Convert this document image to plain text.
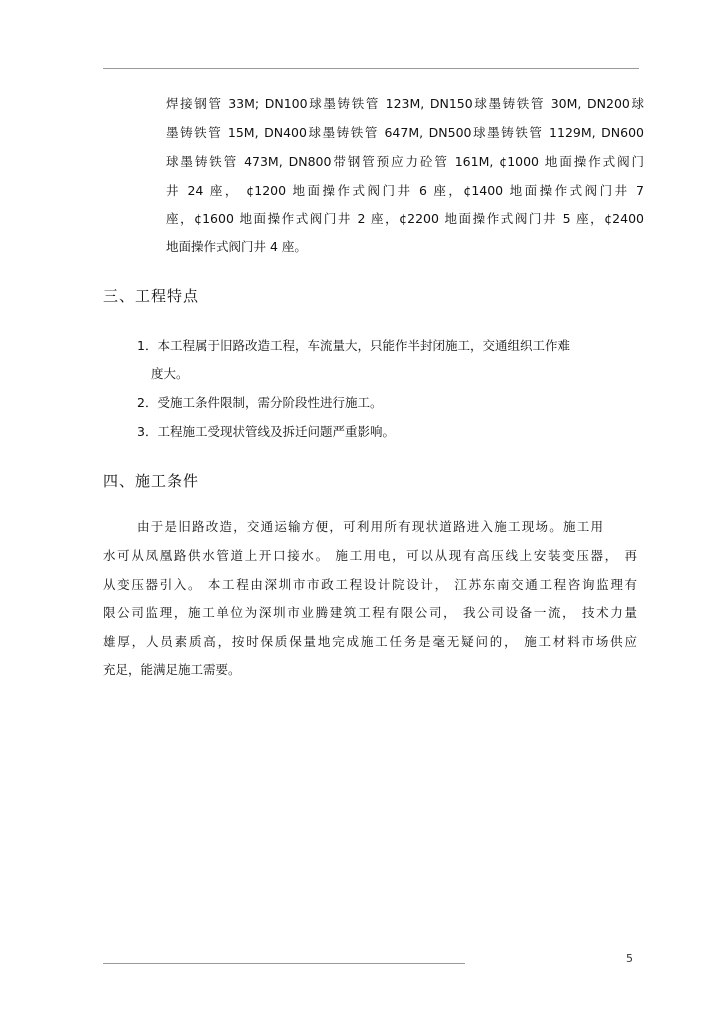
焊接钢管 33M; DN100球墨铸铁管 123M, DN150球墨铸铁管 30M, DN200球
墨铸铁管 15M, DN400球墨铸铁管 647M, DN500球墨铸铁管 1129M, DN600
球墨铸铁管 473M, DN800带钢管预应力砼管 161M, ¢1000 地面操作式阀门
井 24 座， ¢1200 地面操作式阀门井 6 座，¢1400 地面操作式阀门井 7
座，¢1600 地面操作式阀门井 2 座，¢2200 地面操作式阀门井 5 座，¢2400
地面操作式阀门井 4 座。
三、工程特点
1．本工程属于旧路改造工程，车流量大，只能作半封闭施工，交通组织工作难
度大。
2．受施工条件限制，需分阶段性进行施工。
3．工程施工受现状管线及拆迁问题严重影响。
四、施工条件
由于是旧路改造，交通运输方便，可利用所有现状道路进入施工现场。施工用
水可从凤凰路供水管道上开口接水。 施工用电，可以从现有高压线上安装变压器， 再
从变压器引入。 本工程由深圳市市政工程设计院设计， 江苏东南交通工程咨询监理有
限公司监理，施工单位为深圳市业腾建筑工程有限公司， 我公司设备一流， 技术力量
雄厚，人员素质高，按时保质保量地完成施工任务是毫无疑问的， 施工材料市场供应
充足，能满足施工需要。
5
